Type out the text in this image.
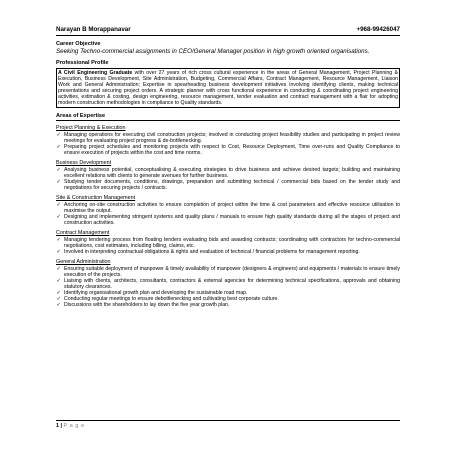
Narayan B Morappanavar	+968-99426047
Career Objective
Seeking Techno-commercial assignments in CEO/General Manager position in high growth oriented organisations.
Professional Profile
A Civil Engineering Graduate with over 27 years of rich cross cultural experience in the areas of General Management, Project Planning & Execution, Business Development, Site Administration, Budgeting, Commercial Affairs, Contract Management, Resource Management, Liaison Work and General Administration; Expertise in spearheading business development initiatives involving identifying clients, making technical presentations and securing project orders. A strategic planner with cross functional experience in conducting & coordinating project engineering activities, estimation & costing, design engineering, resource management, tender evaluation and contract management with a flair for adopting modern construction methodologies in compliance to Quality standards.
Areas of Expertise
Project Planning & Execution
✓ Managing operations for executing civil construction projects; involved in conducting project feasibility studies and participating in project review meetings for evaluating project progress & de-bottlenecking.
✓ Preparing project schedules and monitoring projects with respect to Cost, Resource Deployment, Time over-runs and Quality Compliance to ensure execution of projects within the cost and time norms.
Business Development
✓ Analysing business potential, conceptualising & executing strategies to drive business and achieve desired targets; building and maintaining excellent relations with clients to generate avenues for further business.
✓ Studying tender documents, conditions, drawings, preparation and submitting technical / commercial bids based on the tender study and negotiations for securing projects / contracts.
Site & Construction Management
✓ Anchoring on-site construction activities to ensure completion of project within the time & cost parameters and effective resource utilisation to maximise the output.
✓ Designing and implementing stringent systems and quality plans / manuals to ensure high quality standards during all the stages of project and construction activities.
Contract Management
✓ Managing tendering process from floating tenders evaluating bids and awarding contracts; coordinating with contractors for techno-commercial negotiations, cost estimates, including billing, claims, etc.
✓ Involved in interpreting contractual obligations & rights and evaluation of technical / financial problems for management reporting.
General Administration
✓ Ensuring suitable deployment of manpower & timely availability of manpower (designers & engineers) and equipments / materials to ensure timely execution of the projects.
✓ Liaising with clients, architects, consultants, contractors & external agencies for determining technical specifications, approvals and obtaining statutory clearances.
✓ Identifying organisational growth plan and developing the sustainable road map.
✓ Conducting regular meetings to ensure debottlenecking and cultivating best corporate culture.
✓ Discussions with the shareholders to lay down the five year growth plan.
1 | P a g e
